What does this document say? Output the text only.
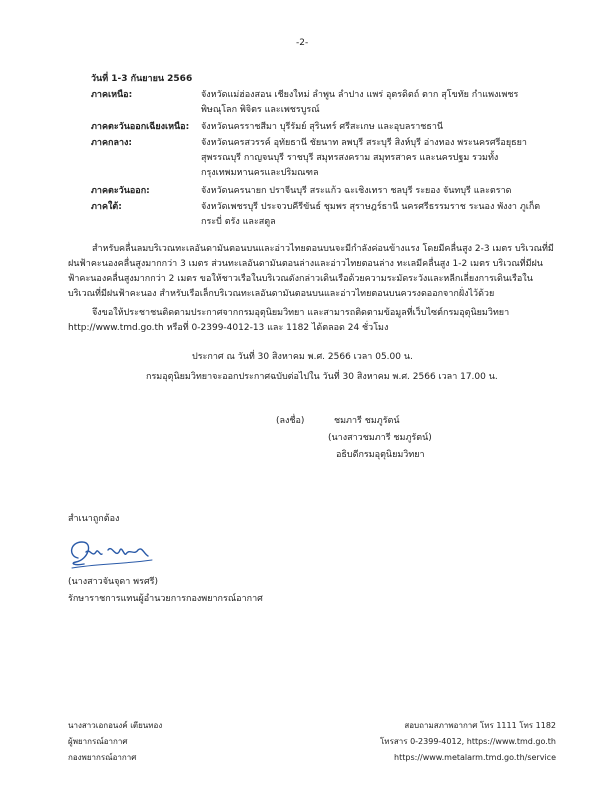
-2-
วันที่ 1-3 กันยายน 2566
ภาคเหนือ:	จังหวัดแม่ฮ่องสอน เชียงใหม่ ลำพูน ลำปาง แพร่ อุตรดิตถ์ ตาก สุโขทัย กำแพงเพชร พิษณุโลก พิจิตร และเพชรบูรณ์
ภาคตะวันออกเฉียงเหนือ: จังหวัดนครราชสีมา บุรีรัมย์ สุรินทร์ ศรีสะเกษ และอุบลราชธานี
ภาคกลาง:	จังหวัดนครสวรรค์ อุทัยธานี ชัยนาท ลพบุรี สระบุรี สิงห์บุรี อ่างทอง พระนครศรีอยุธยา สุพรรณบุรี กาญจนบุรี ราชบุรี สมุทรสงคราม สมุทรสาคร และนครปฐม รวมทั้งกรุงเทพมหานครและปริมณฑล
ภาคตะวันออก:	จังหวัดนครนายก ปราจีนบุรี สระแก้ว ฉะเชิงเทรา ชลบุรี ระยอง จันทบุรี และตราด
ภาคใต้:	จังหวัดเพชรบุรี ประจวบคีรีขันธ์ ชุมพร สุราษฎร์ธานี นครศรีธรรมราช ระนอง พังงา ภูเก็ต กระบี่ ตรัง และสตูล
สำหรับคลื่นลมบริเวณทะเลอันดามันตอนบนและอ่าวไทยตอนบนจะมีกำลังค่อนข้างแรง โดยมีคลื่นสูง 2-3 เมตร บริเวณที่มีฝนฟ้าคะนองคลื่นสูงมากกว่า 3 เมตร ส่วนทะเลอันดามันตอนล่างและอ่าวไทยตอนล่าง ทะเลมีคลื่นสูง 1-2 เมตร บริเวณที่มีฝนฟ้าคะนองคลื่นสูงมากกว่า 2 เมตร ขอให้ชาวเรือในบริเวณดังกล่าวเดินเรือด้วยความระมัดระวังและหลีกเลี่ยงการเดินเรือในบริเวณที่มีฝนฟ้าคะนอง สำหรับเรือเล็กบริเวณทะเลอันดามันตอนบนและอ่าวไทยตอนบนควรงดออกจากฝั่งไว้ด้วย
จึงขอให้ประชาชนติดตามประกาศจากกรมอุตุนิยมวิทยา และสามารถติดตามข้อมูลที่เว็บไซต์กรมอุตุนิยมวิทยา http://www.tmd.go.th หรือที่ 0-2399-4012-13 และ 1182 ได้ตลอด 24 ชั่วโมง
ประกาศ ณ วันที่ 30 สิงหาคม พ.ศ. 2566 เวลา 05.00 น.
กรมอุตุนิยมวิทยาจะออกประกาศฉบับต่อไปใน วันที่ 30 สิงหาคม พ.ศ. 2566 เวลา 17.00 น.
(ลงชื่อ)	ชมภารี ชมภูรัตน์
(นางสาวชมภารี ชมภูรัตน์)
อธิบดีกรมอุตุนิยมวิทยา
สำเนาถูกต้อง
(นางสาวจันจุดา พรศรี)
รักษาราชการแทนผู้อำนวยการกองพยากรณ์อากาศ
นางสาวเอกอนงค์ เตียนทอง
ผู้พยากรณ์อากาศ
กองพยากรณ์อากาศ
สอบถามสภาพอากาศ โทร 1111 โทร 1182
โทรสาร 0-2399-4012, https://www.tmd.go.th
https://www.metalarm.tmd.go.th/service
